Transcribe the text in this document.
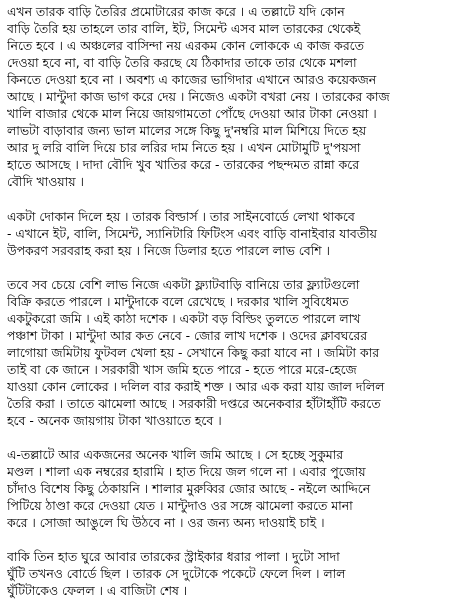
এখন তারক বাড়ি তৈরির প্রমোটারের কাজ করে । এ তল্লাটে যদি কোন
বাড়ি তৈরি হয় তাহলে তার বালি, ইট, সিমেন্ট এসব মাল তারকের থেকেই
নিতে হবে । এ অঞ্চলের বাসিন্দা নয় এরকম কোন লোককে এ কাজ করতে
দেওয়া হবে না, বা বাড়ি তৈরি করছে যে ঠিকাদার তাকে তার থেকে মশলা
কিনতে দেওয়া হবে না । অবশ্য এ কাজের ভাগিদার এখানে আরও কয়েকজন
আছে । মান্টুদা কাজ ভাগ করে দেয় । নিজেও একটা বখরা নেয় । তারকের কাজ
খালি বাজার থেকে মাল নিয়ে জায়গামতো পোঁছে দেওয়া আর টাকা নেওয়া ।
লাভটা বাড়াবার জন্য ভাল মালের সঙ্গে কিছু দু'নম্বরি মাল মিশিয়ে দিতে হয়
আর দু লরি বালি দিয়ে চার লরির দাম নিতে হয় । এখন মোটামুটি দু'পয়সা
হাতে আসছে । দাদা বৌদি খুব খাতির করে - তারকের পছন্দমত রান্না করে
বৌদি খাওয়ায় ।
একটা দোকান দিলে হয় । তারক বিল্ডার্স । তার সাইনবোর্ডে লেখা থাকবে
- এখানে ইট, বালি, সিমেন্ট, স্যানিটারি ফিটিংস এবং বাড়ি বানাইবার যাবতীয়
উপকরণ সরবরাহ করা হয় । নিজে ডিলার হতে পারলে লাভ বেশি ।
তবে সব চেয়ে বেশি লাভ নিজে একটা ফ্ল্যাটবাড়ি বানিয়ে তার ফ্ল্যাটগুলো
বিক্রি করতে পারলে । মান্টুদাকে বলে রেখেছে । দরকার খালি সুবিধেমত
একটুকরো জমি । এই কাঠা দশেক । একটা বড় বিল্ডিং তুলতে পারলে লাখ
পঞ্চাশ টাকা । মান্টুদা আর কত নেবে - জোর লাখ দশেক । ওদের ক্লাবঘরের
লাগোয়া জমিটায় ফুটবল খেলা হয় - সেখানে কিছু করা যাবে না । জমিটা কার
তাই বা কে জানে । সরকারী খাস জমি হতে পারে - হতে পারে মরে-হেজে
যাওয়া কোন লোকের । দলিল বার করাই শক্ত । আর এক করা যায় জাল দলিল
তৈরি করা । তাতে ঝামেলা আছে । সরকারী দপ্তরে অনেকবার হাঁটাহাঁটি করতে
হবে - অনেক জায়গায় টাকা খাওয়াতে হবে ।
এ-তল্লাটে আর একজনের অনেক খালি জমি আছে । সে হচ্ছে সুকুমার
মণ্ডল । শালা এক নম্বরের হারামি । হাত দিয়ে জল গলে না । এবার পুজোয়
চাঁদাও বিশেষ কিছু ঠেকায়নি । শালার মুরুব্বির জোর আছে - নইলে আদ্দিনে
পিটিয়ে ঠাণ্ডা করে দেওয়া যেত । মান্টুদাও ওর সঙ্গে ঝামেলা করতে মানা
করে । সোজা আঙুলে ঘি উঠবে না । ওর জন্য অন্য দাওয়াই চাই ।
বাকি তিন হাত ঘুরে আবার তারকের স্ট্রাইকার ধরার পালা । দুটো সাদা
ঘুঁটি তখনও বোর্ডে ছিল । তারক সে দুটোকে পকেটে ফেলে দিল । লাল
ঘুঁটিটাকেও ফেলল । এ বাজিটা শেষ ।
